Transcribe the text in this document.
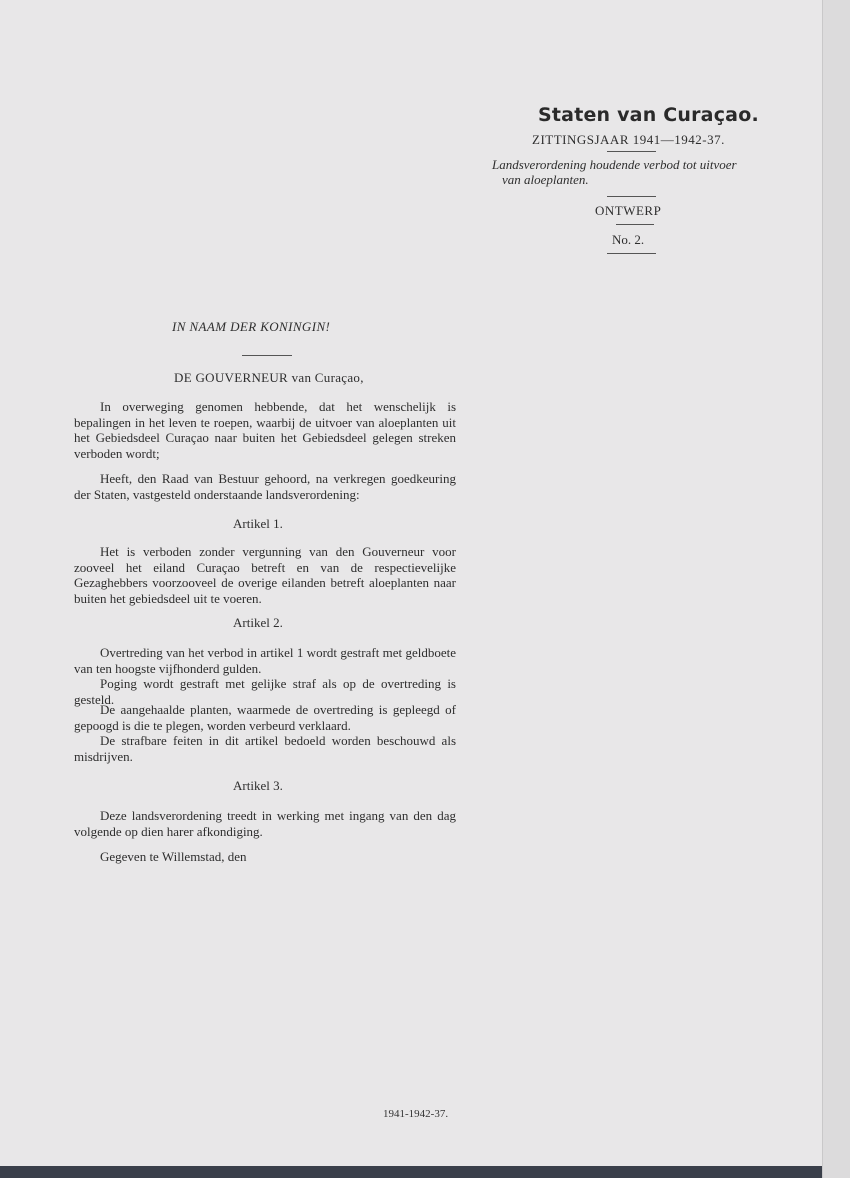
Staten van Curaçao.
ZITTINGSJAAR 1941—1942-37.
Landsverordening houdende verbod tot uitvoer

van aloeplanten.
ONTWERP
No. 2.
IN NAAM DER KONINGIN!
DE GOUVERNEUR van Curaçao,

In overweging genomen hebbende, dat het wenschelijk is bepalingen in het leven te roepen, waarbij de uitvoer van aloeplanten uit het Gebiedsdeel Curaçao naar buiten het Gebiedsdeel gelegen streken verboden wordt;

Heeft, den Raad van Bestuur gehoord, na verkregen goedkeuring der Staten, vastgesteld onderstaande landsverordening:

Artikel 1.

Het is verboden zonder vergunning van den Gouverneur voor zooveel het eiland Curaçao betreft en van de respectievelijke Gezaghebbers voorzooveel de overige eilanden betreft aloeplanten naar buiten het gebiedsdeel uit te voeren.

Artikel 2.

Overtreding van het verbod in artikel 1 wordt gestraft met geldboete van ten hoogste vijfhonderd gulden.

Poging wordt gestraft met gelijke straf als op de overtreding is gesteld.

De aangehaalde planten, waarmede de overtreding is gepleegd of gepoogd is die te plegen, worden verbeurd verklaard.

De strafbare feiten in dit artikel bedoeld worden beschouwd als misdrijven.

Artikel 3.

Deze landsverordening treedt in werking met ingang van den dag volgende op dien harer afkondiging.

Gegeven te Willemstad, den

1941-1942-37.
